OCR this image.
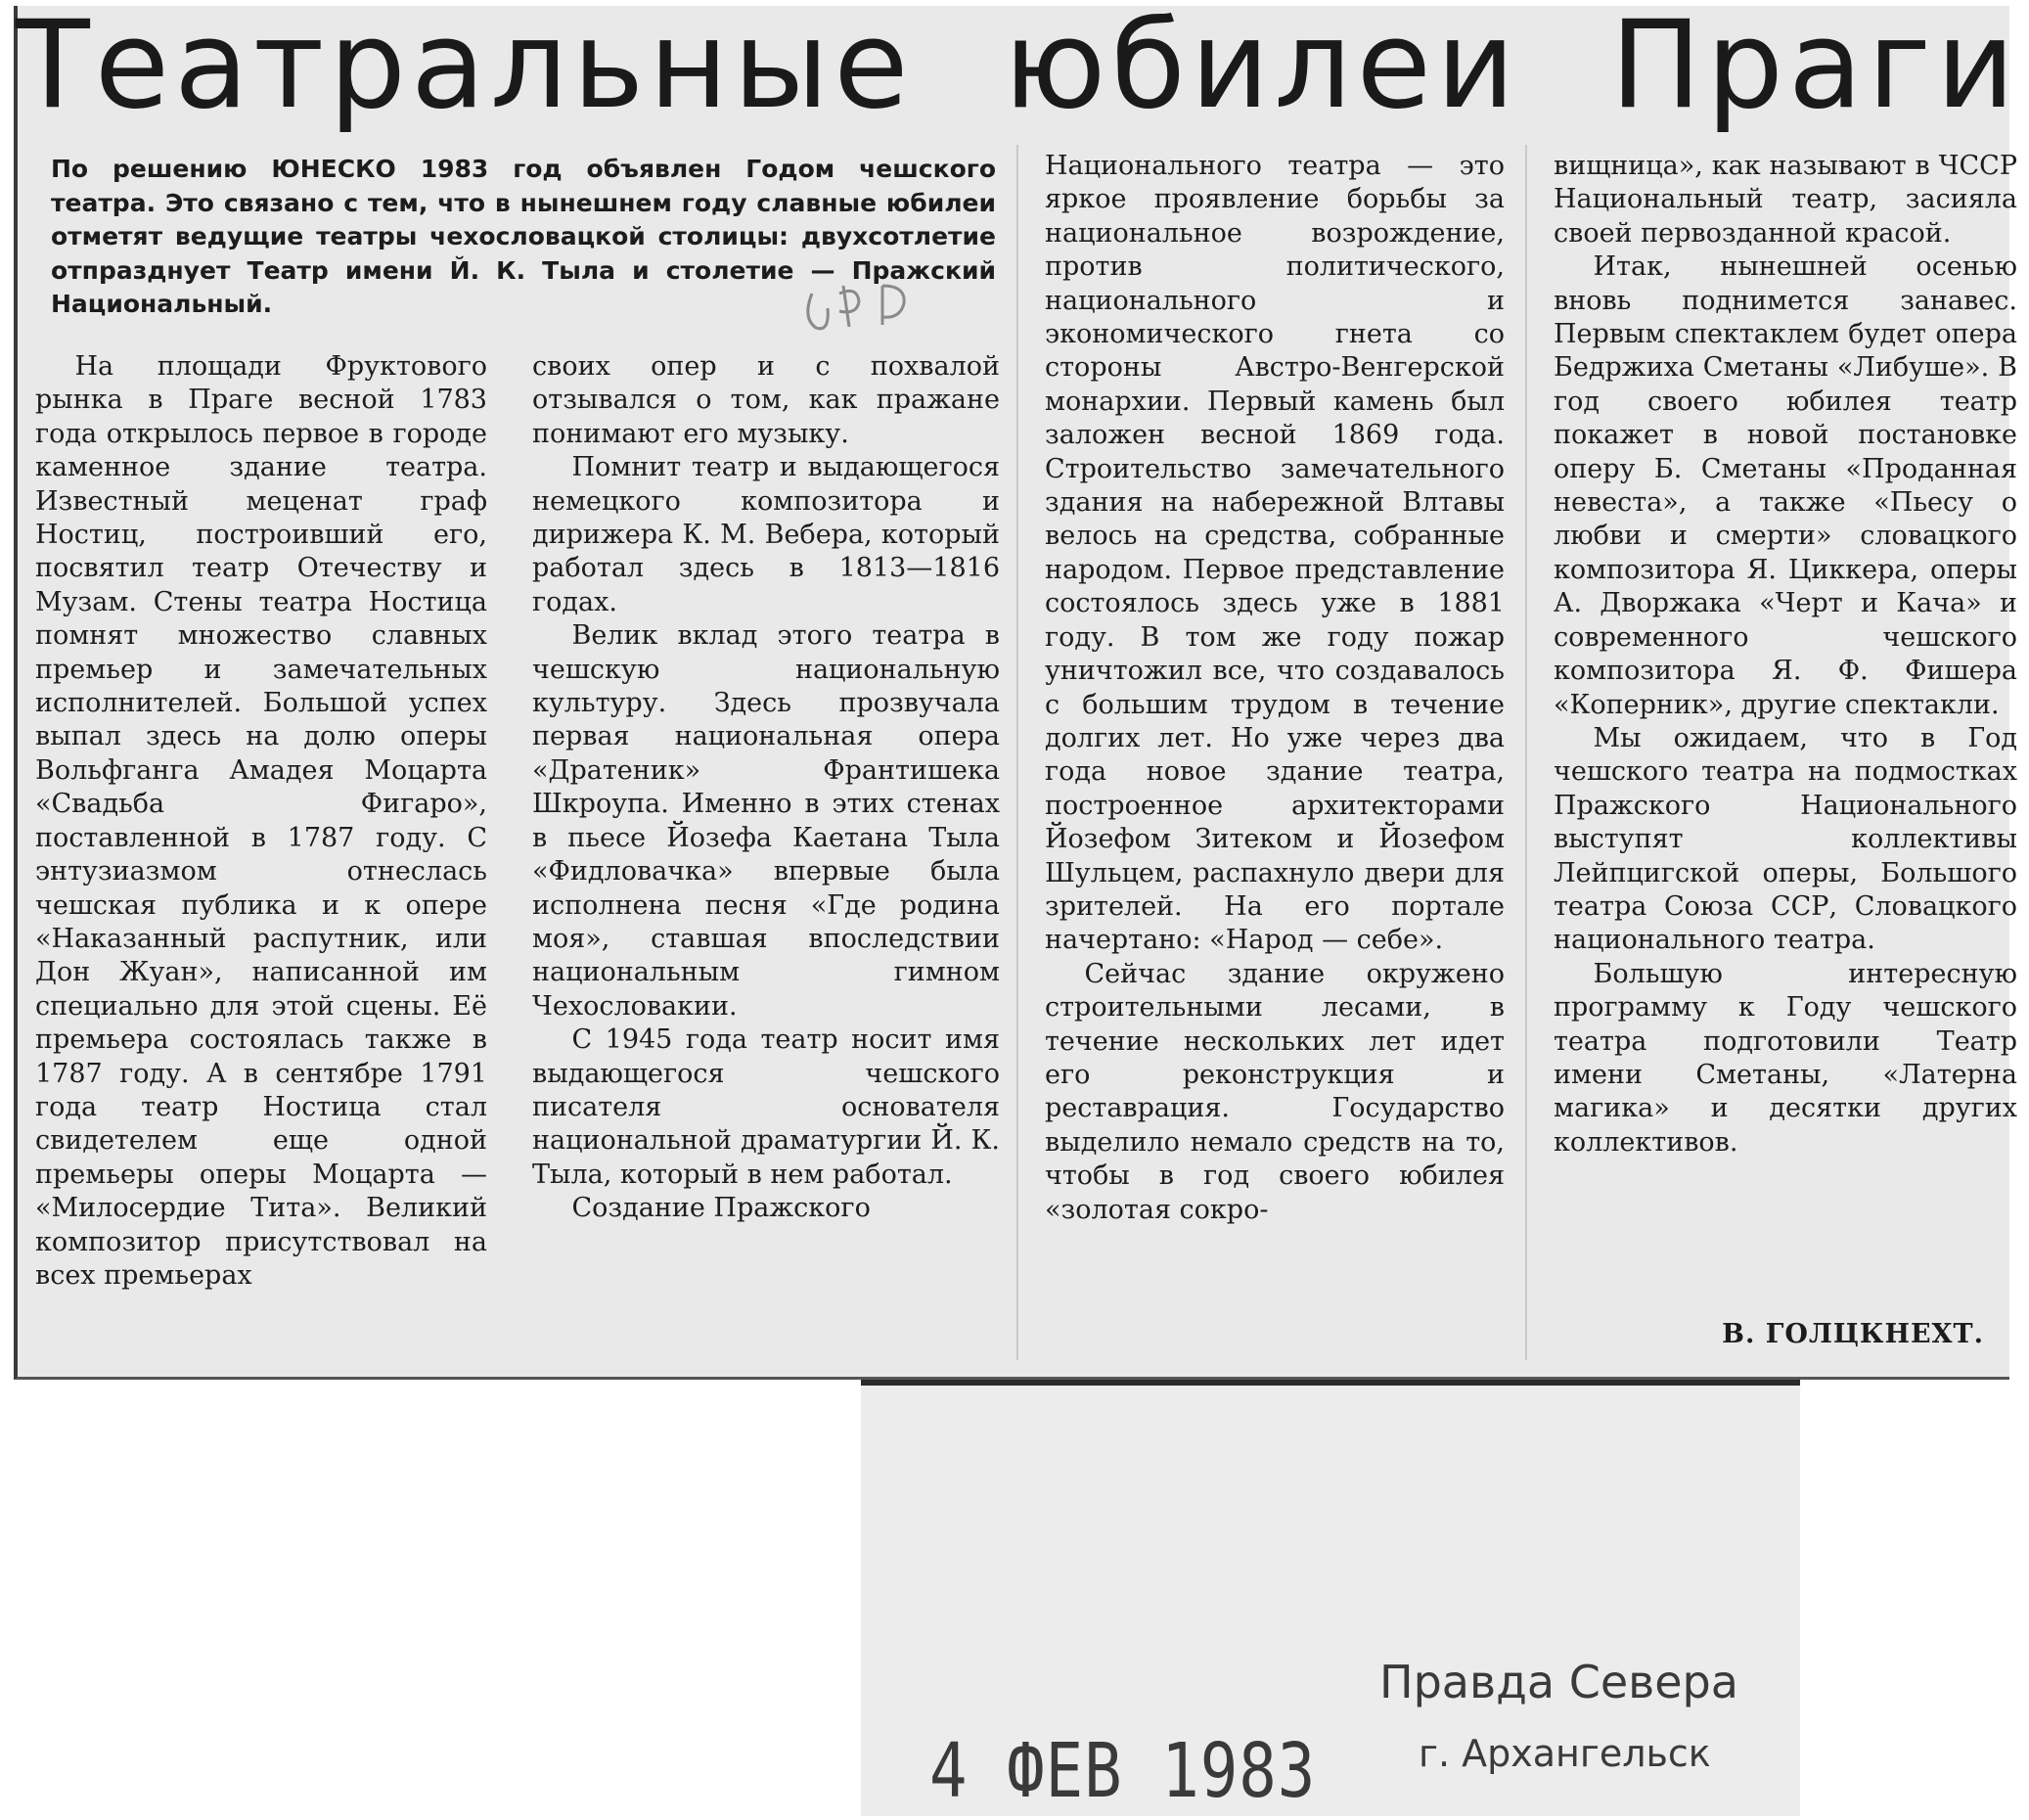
Театральные юбилеи Праги

По решению ЮНЕСКО 1983 год объявлен Годом чешского театра. Это связано с тем, что в нынешнем году славные юбилеи отметят ведущие театры чехословацкой столицы: двухсотлетие отпразднует Театр имени Й. К. Тыла и столетие — Пражский Национальный.

На площади Фруктового рынка в Праге весной 1783 года открылось первое в городе каменное здание театра. Известный меценат граф Ностиц, построивший его, посвятил театр Отечеству и Музам. Стены театра Ностица помнят множество славных премьер и замечательных исполнителей. Большой успех выпал здесь на долю оперы Вольфганга Амадея Моцарта «Свадьба Фигаро», поставленной в 1787 году. С энтузиазмом отнеслась чешская публика и к опере «Наказанный распутник, или Дон Жуан», написанной им специально для этой сцены. Её премьера состоялась также в 1787 году. А в сентябре 1791 года театр Ностица стал свидетелем еще одной премьеры оперы Моцарта — «Милосердие Тита». Великий композитор присутствовал на всех премьерах

своих опер и с похвалой отзывался о том, как пражане понимают его музыку.

Помнит театр и выдающегося немецкого композитора и дирижера К. М. Вебера, который работал здесь в 1813—1816 годах.

Велик вклад этого театра в чешскую национальную культуру. Здесь прозвучала первая национальная опера «Дратеник» Франтишека Шкроупа. Именно в этих стенах в пьесе Йозефа Каетана Тыла «Фидловачка» впервые была исполнена песня «Где родина моя», ставшая впоследствии национальным гимном Чехословакии.

С 1945 года театр носит имя выдающегося чешского писателя основателя национальной драматургии Й. К. Тыла, который в нем работал.

Создание Пражского

Национального театра — это яркое проявление борьбы за национальное возрождение, против политического, национального и экономического гнета со стороны Австро-Венгерской монархии. Первый камень был заложен весной 1869 года. Строительство замечательного здания на набережной Влтавы велось на средства, собранные народом. Первое представление состоялось здесь уже в 1881 году. В том же году пожар уничтожил все, что создавалось с большим трудом в течение долгих лет. Но уже через два года новое здание театра, построенное архитекторами Йозефом Зитеком и Йозефом Шульцем, распахнуло двери для зрителей. На его портале начертано: «Народ — себе».

Сейчас здание окружено строительными лесами, в течение нескольких лет идет его реконструкция и реставрация. Государство выделило немало средств на то, чтобы в год своего юбилея «золотая сокро-

вищница», как называют в ЧССР Национальный театр, засияла своей первозданной красой.

Итак, нынешней осенью вновь поднимется занавес. Первым спектаклем будет опера Бедржиха Сметаны «Либуше». В год своего юбилея театр покажет в новой постановке оперу Б. Сметаны «Проданная невеста», а также «Пьесу о любви и смерти» словацкого композитора Я. Циккера, оперы А. Дворжака «Черт и Кача» и современного чешского композитора Я. Ф. Фишера «Коперник», другие спектакли.

Мы ожидаем, что в Год чешского театра на подмостках Пражского Национального выступят коллективы Лейпцигской оперы, Большого театра Союза ССР, Словацкого национального театра.

Большую интересную программу к Году чешского театра подготовили Театр имени Сметаны, «Латерна магика» и десятки других коллективов.

В. ГОЛЦКНЕХТ.
Правда Севера
г. Архангельск
4 ФЕВ 1983
